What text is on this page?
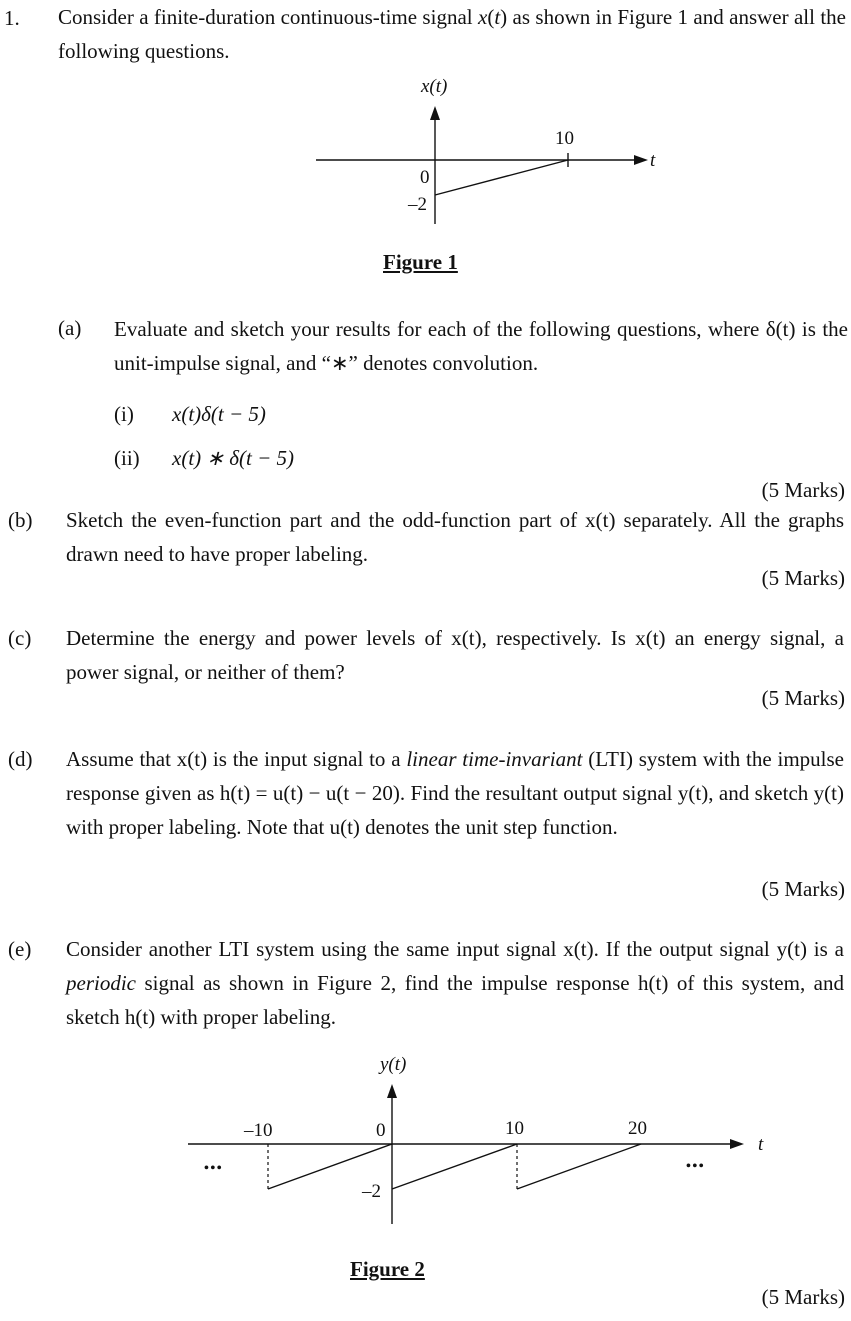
1. Consider a finite-duration continuous-time signal x(t) as shown in Figure 1 and answer all the following questions.
x(t)
10
t
0
–2
y(t)
–10	0	10	20
t
–2
• • •	• • •
Figure 1
(a) Evaluate and sketch your results for each of the following questions, where δ(t) is the unit-impulse signal, and “∗” denotes convolution.
(i) x(t)δ(t − 5)
(ii) x(t) ∗ δ(t − 5)
(5 Marks)
(b) Sketch the even-function part and the odd-function part of x(t) separately. All the graphs drawn need to have proper labeling.
(5 Marks)
(c) Determine the energy and power levels of x(t), respectively. Is x(t) an energy signal, a power signal, or neither of them?
(5 Marks)
(d) Assume that x(t) is the input signal to a linear time-invariant (LTI) system with the impulse response given as h(t) = u(t) − u(t − 20). Find the resultant output signal y(t), and sketch y(t) with proper labeling. Note that u(t) denotes the unit step function.
(5 Marks)
(e) Consider another LTI system using the same input signal x(t). If the output signal y(t) is a periodic signal as shown in Figure 2, find the impulse response h(t) of this system, and sketch h(t) with proper labeling.
Figure 2
(5 Marks)
